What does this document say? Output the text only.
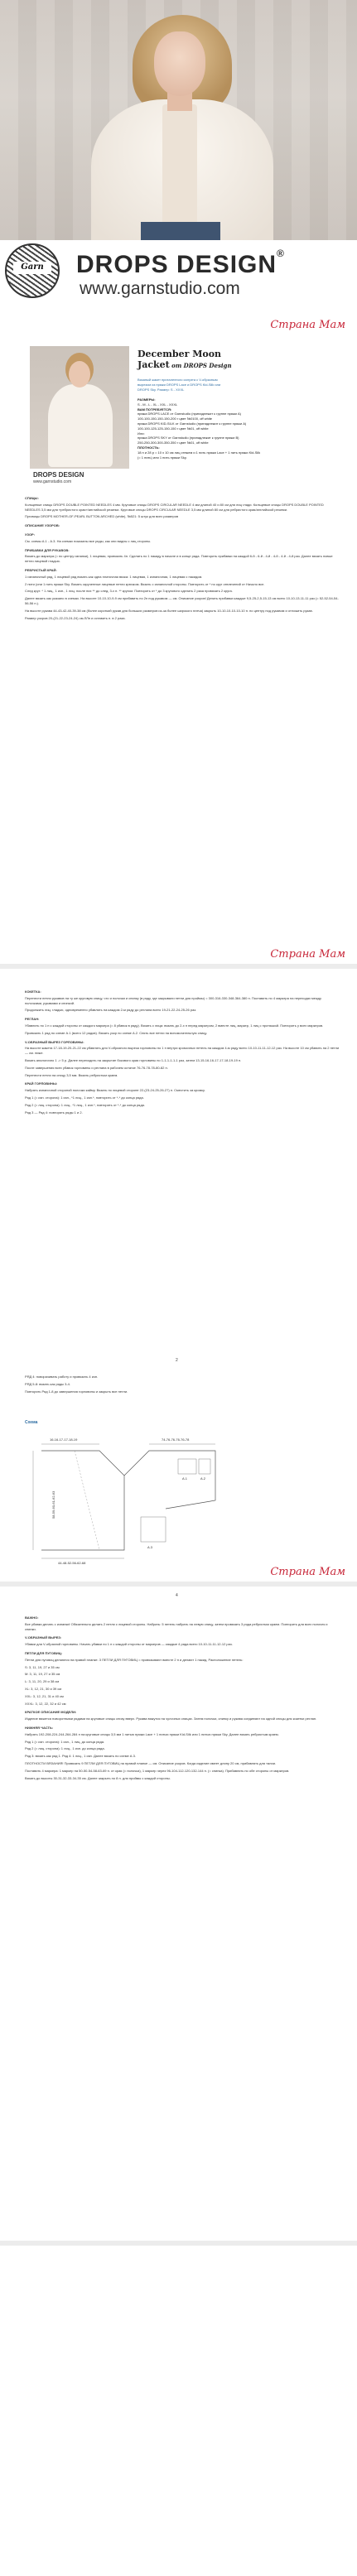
Garn	DROPS DESIGN®
www.garnstudio.com
Страна Мам
DROPS DESIGN
www.garnstudio.com
December Moon
Jacket от DROPS Design
Вязаный жакет приталенного силуэта с V-образным вырезом из пряжи DROPS Lace и DROPS Kid-Silk или DROPS Sky. Размер: S - XXXL

РАЗМЕРЫ:

S - M - L - XL - XXL - XXXL

ВАМ ПОТРЕБУЕТСЯ:

пряжа DROPS LACE от Garnstudio (принадлежит к группе пряжи А)

100-100-150-150-150-200 г цвет №0100, off white

пряжа DROPS KID-SILK от Garnstudio (принадлежит к группе пряжи А)

100-100-125-125-150-150 г цвет №01, off white

Или:

пряжа DROPS SKY от Garnstudio (принадлежит к группе пряжи В)

250-250-300-300-350-350 г цвет №01, off white

ПЛОТНОСТЬ:

18 п и 28 р = 10 х 10 см лиц стежем и 1 нить пряжи Lace + 1 нить пряжи Kid-Silk (= 1 нить) или 1 нить пряжи Sky.

СПИЦЫ:

Кольцевые спицы DROPS DOUBLE POINTED NEEDLES 4 мм. Круговые спицы DROPS CIRCULAR NEEDLE 4 мм длиной 40 и 80 см для лиц глади. Кольцевые спицы DROPS DOUBLE POINTED NEEDLES 3,5 мм для «ребристого края»/английской резинки. Круговые спицы DROPS CIRCULAR NEEDLE 3,5 мм длиной 80 см для ребристого края/английской резинки.

Пуговицы DROPS MOTHER-OF-PEARL BUTTON ARCHED (white), №521: 5 штук для всех размеров

ОПИСАНИЕ УЗОРОВ:
УЗОР:

См. схемы А.1 - А.3. На схемах показаны все ряды, как они видны с лиц стороны.

ПРИБАВКИ ДЛЯ РУКАВОВ:

Вязать до маркера (= по центру изнанки), 1 лицевая, провязать 4п. Сделать по 1 накиду в начале и в конце ряда. Повторить прибавки на каждой 6-й - 6-й - 4-й - 4-й - 4-й - 4-й раз. Далее вязать новые петли лицевой гладью.

РЕБРИСТЫЙ КРАЙ:

1 изнаночный ряд, 1 лицевой ряд вязать как одна платочная вязка: 1 лицевая, 1 изнаночная, 1 лицевая с накидом.

2 нити (они 1 нить пряжи Sky. Вязать скрученные лицевые петли крючком. Вязать с изнаночной стороны. Повторить от * по круг отвлечений от Начало все.

След круг: * 1 лиц., 1 изн., 1 лиц. после них ** до след. 3-х п. ** кругом. Повторить от * до 3 кругового сделать 2 раза провязать 2 круга.

Далее вязать как указано в схемах. На высоте 10-10-10-9-9 см прибавить по 2п под рукавом — см. Описание узоров! Делать прибавки каждые 9,5-25-2,5-15-13 см всего 10-10-13-11-11 раз (= 52-52-54-54-56-56 п.).

На высоте рукава 44-43-42-40-39-38 см (более короткий рукав для больших размеров из-за более широкого плеча) закрыть 10-10-10-10-10-10 п. по центру под рукавом и отложить рукав.

Размер узоров 20-(21-22-23-24-24) см.ЛЛп и оставить п. в 2 раза.

Страна Мам
КОКЕТКА:

Перенести петли рукавов на ту же круговую спицу, что и полочки и спинку (в ряду, где закрывали петли для проймы) = 300-316-330-348-364-380 п. Поставить по 4 маркера на переходах между полочками, рукавами и спинкой.

Продолжить лиц. гладью, одновременно убавлять на каждом 2-м ряду до реглана всего 19-21-22-24-25-26 раз.

РЕГЛАН:

Убавлять по 1 п с каждой стороны от каждого маркера (= 8 убавок в ряду). Вязать с лица: вязать до 2-х п перед маркером, 2 вместе лиц, маркер, 1 лиц с протяжкой. Повторить у всех маркеров.

Провязать 1 ряд по схеме A.1 (всего 12 рядов). Вязать узор по схеме A.2. Снять все петли на вспомогательную спицу.

V-ОБРАЗНЫЙ ВЫРЕЗ ГОРЛОВИНЫ:

На высоте жакета 17-18-19-20-21-22 см убавлять для V-образного выреза горловины по 1 п внутри кромочных петель на каждом 4-м ряду всего 10-10-11-11-12-12 раз. На высоте 10 см убавить на 2 петли — см. ниже.

Вязать аналогично 1 -> 5 р. Далее переходить на закрытие бокового края горловины по 1-1-1-1-1-1 раз, затем 13-15-16-16-17-17-18-19-19 п.

Послe завершения всех убавок горловины и реглана в рабочем остатке 76-76-78-78-80-82 п.

Перенести петли на спицу 3,5 мм. Вязать ребристым краем.

КРАЙ ГОРЛОВИНЫ:

Набрать изнаночной стороной полочки кайму. Вязать по лицевой стороне 22-(23-24-25-26-27) п. Сместить за кромку.

Ряд 1 (= изн. сторона): 1 изн., *1 лиц., 1 изн.*, повторить от *-* до конца ряда.

Ряд 2 (= лиц. сторона): 1 лиц., *1 лиц., 1 изн.*, повторить от *-* до конца ряда.

Ряд 3 — Ряд 4: повторять ряды 1 и 2.

2

РЯД 4: поворачивать работу и провязать 4 изн.

РЯД 5-8: вязать как ряды 3-4.

Повторять Ряд 1-8 до завершения горловины и закрыть все петли.

Схема
16-16-17-17-18-19	74-76-76-76-76-78
44-48-52-56-62-68
58-59-60-61-62-63
A.1	A.2
A.3
Страна Мам
4
ВАЖНО:

Все убавки делать с изнанки! Обязательно делать 2 петли с лицевой стороны. Набрать: 5 петель набрать на левую спицу, затем провязать 3 ряда ребристым краем. Повторить для всех полочек и спинки.

V-ОБРАЗНЫЙ ВЫРЕЗ:

Убавки для V-образной горловины. Начать убавки по 1 п с каждой стороны от маркеров — каждые 4 ряда всего 10-10-11-11-12-12 раз.

ПЕТЛИ ДЛЯ ПУГОВИЦ:

Петли для пуговиц делаются на правой планке. 3 ПЕТЛИ ДЛЯ ПУГОВИЦ = провязывают вместе 2 п и делают 1 накид. Расположение петель:

S: 3, 11, 19, 27 и 35 см

М: 3, 11, 19, 27 и 35 см

L: 3, 11, 20, 29 и 38 см

XL: 3, 12, 21, 30 и 39 см

XXL: 3, 12, 21, 31 и 40 см

XXXL: 3, 12, 22, 32 и 42 см

КРАТКОЕ ОПИСАНИЕ МОДЕЛИ:

Изделие вяжется поворотными рядами на круговые спицы снизу вверх. Рукава вяжутся на чулочных спицах. Затем полочки, спинку и рукава соединяют на одной спицы для кокетки реглан.

НИЖНЯЯ ЧАСТЬ:

Набрать 192-208-224-244-264-284 п на круговые спицы 3,5 мм 1 нитью пряжи Lace + 1 нитью пряжи Kid-Silk или 1 нитью пряжи Sky. Далее вязать ребристым краем.

Ряд 1 (= изн. сторона): 1 изн., 1 лиц. до конца ряда.

Ряд 2 (= лиц. сторона): 1 лиц., 1 изн. до конца ряда.

Ряд 3: вязать как ряд 1. Ряд 4: 1 лиц., 1 изн. Далее вязать по схеме A.3.

ПЛОТНОСТИ ВЯЗАНИЯ! Провязать 9 ПЕТЛИ ДЛЯ ПУГОВИЦ на правой планке — см. Описание узоров. Когда изделие имеет длину 20 см, прибавлять для талии.

Поставить 4 маркера: 1 маркер на 50-50-54-58-63-69 п. от края (= полочка), 1 маркер через 96-104-112-120-132-144 п. (= спинка). Прибавлять по обе стороны от маркеров.

Вязать до высоты 30-31-32-33-34-35 см. Далее закрыть по 8 п. для проймы с каждой стороны.
